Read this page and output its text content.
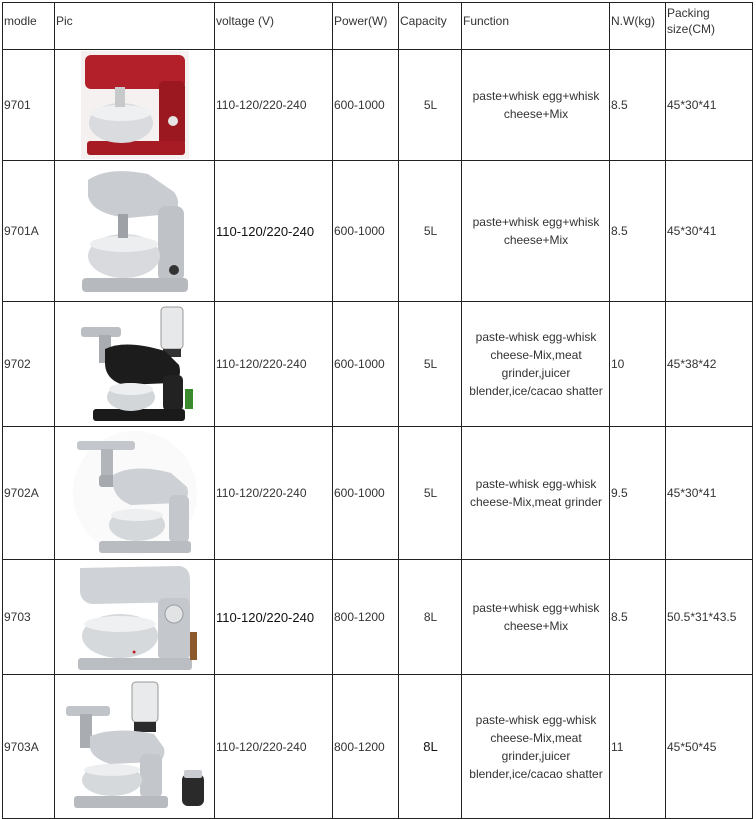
modle	Pic	voltage (V)	Power(W)	Capacity	Function	N.W(kg)	Packing
size(CM)
9701		110-120/220-240	600-1000	5L	paste+whisk egg+whisk
cheese+Mix	8.5	45*30*41
9701A		110-120/220-240	600-1000	5L	paste+whisk egg+whisk
cheese+Mix	8.5	45*30*41
9702		110-120/220-240	600-1000	5L	paste-whisk egg-whisk
cheese-Mix,meat
grinder,juicer
blender,ice/cacao shatter	10	45*38*42
9702A		110-120/220-240	600-1000	5L	paste-whisk egg-whisk
cheese-Mix,meat grinder	9.5	45*30*41
9703	●	110-120/220-240	800-1200	8L	paste+whisk egg+whisk
cheese+Mix	8.5	50.5*31*43.5
9703A		110-120/220-240	800-1200	8L	paste-whisk egg-whisk
cheese-Mix,meat
grinder,juicer
blender,ice/cacao shatter	11	45*50*45
